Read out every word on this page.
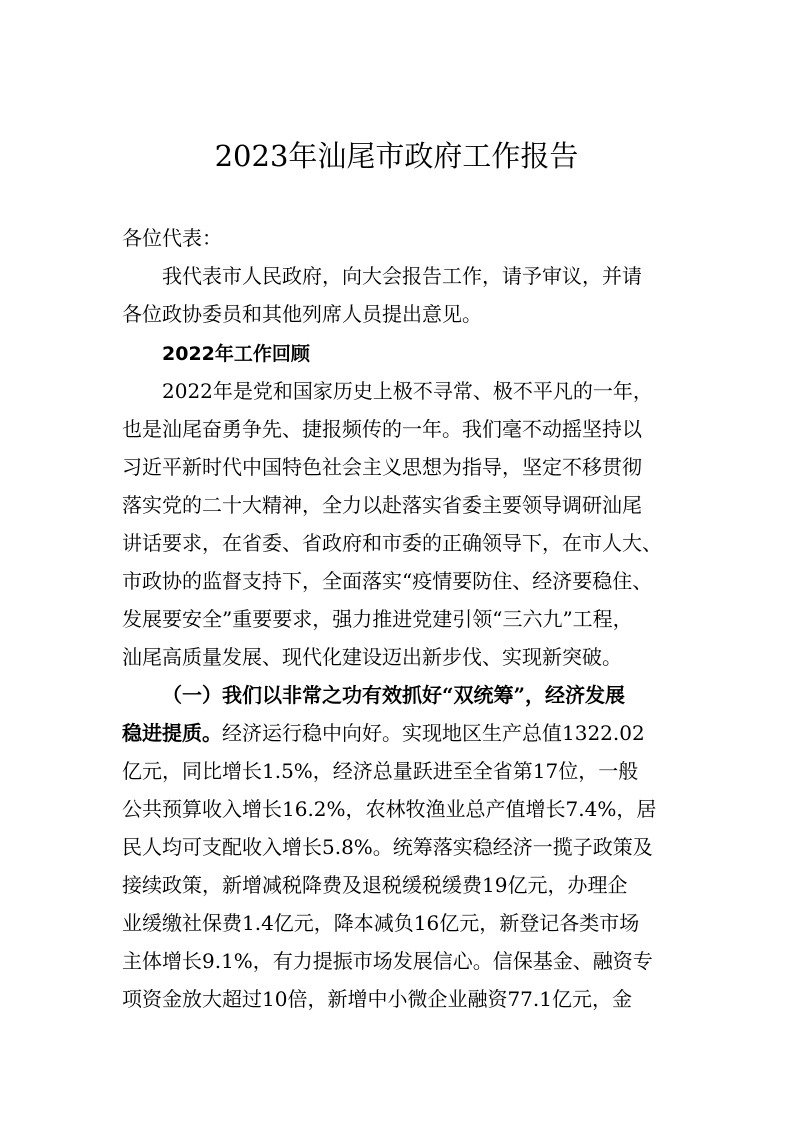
2023年汕尾市政府工作报告
各位代表：
我代表市人民政府，向大会报告工作，请予审议，并请
各位政协委员和其他列席人员提出意见。
2022年工作回顾
2022年是党和国家历史上极不寻常、极不平凡的一年，
也是汕尾奋勇争先、捷报频传的一年。我们毫不动摇坚持以
习近平新时代中国特色社会主义思想为指导，坚定不移贯彻
落实党的二十大精神，全力以赴落实省委主要领导调研汕尾
讲话要求，在省委、省政府和市委的正确领导下，在市人大、
市政协的监督支持下，全面落实“疫情要防住、经济要稳住、
发展要安全”重要要求，强力推进党建引领“三六九”工程，
汕尾高质量发展、现代化建设迈出新步伐、实现新突破。
（一）我们以非常之功有效抓好“双统筹”，经济发展
稳进提质。经济运行稳中向好。实现地区生产总值1322.02
亿元，同比增长1.5%，经济总量跃进至全省第17位，一般
公共预算收入增长16.2%，农林牧渔业总产值增长7.4%，居
民人均可支配收入增长5.8%。统筹落实稳经济一揽子政策及
接续政策，新增减税降费及退税缓税缓费19亿元，办理企
业缓缴社保费1.4亿元，降本减负16亿元，新登记各类市场
主体增长9.1%，有力提振市场发展信心。信保基金、融资专
项资金放大超过10倍，新增中小微企业融资77.1亿元，金
